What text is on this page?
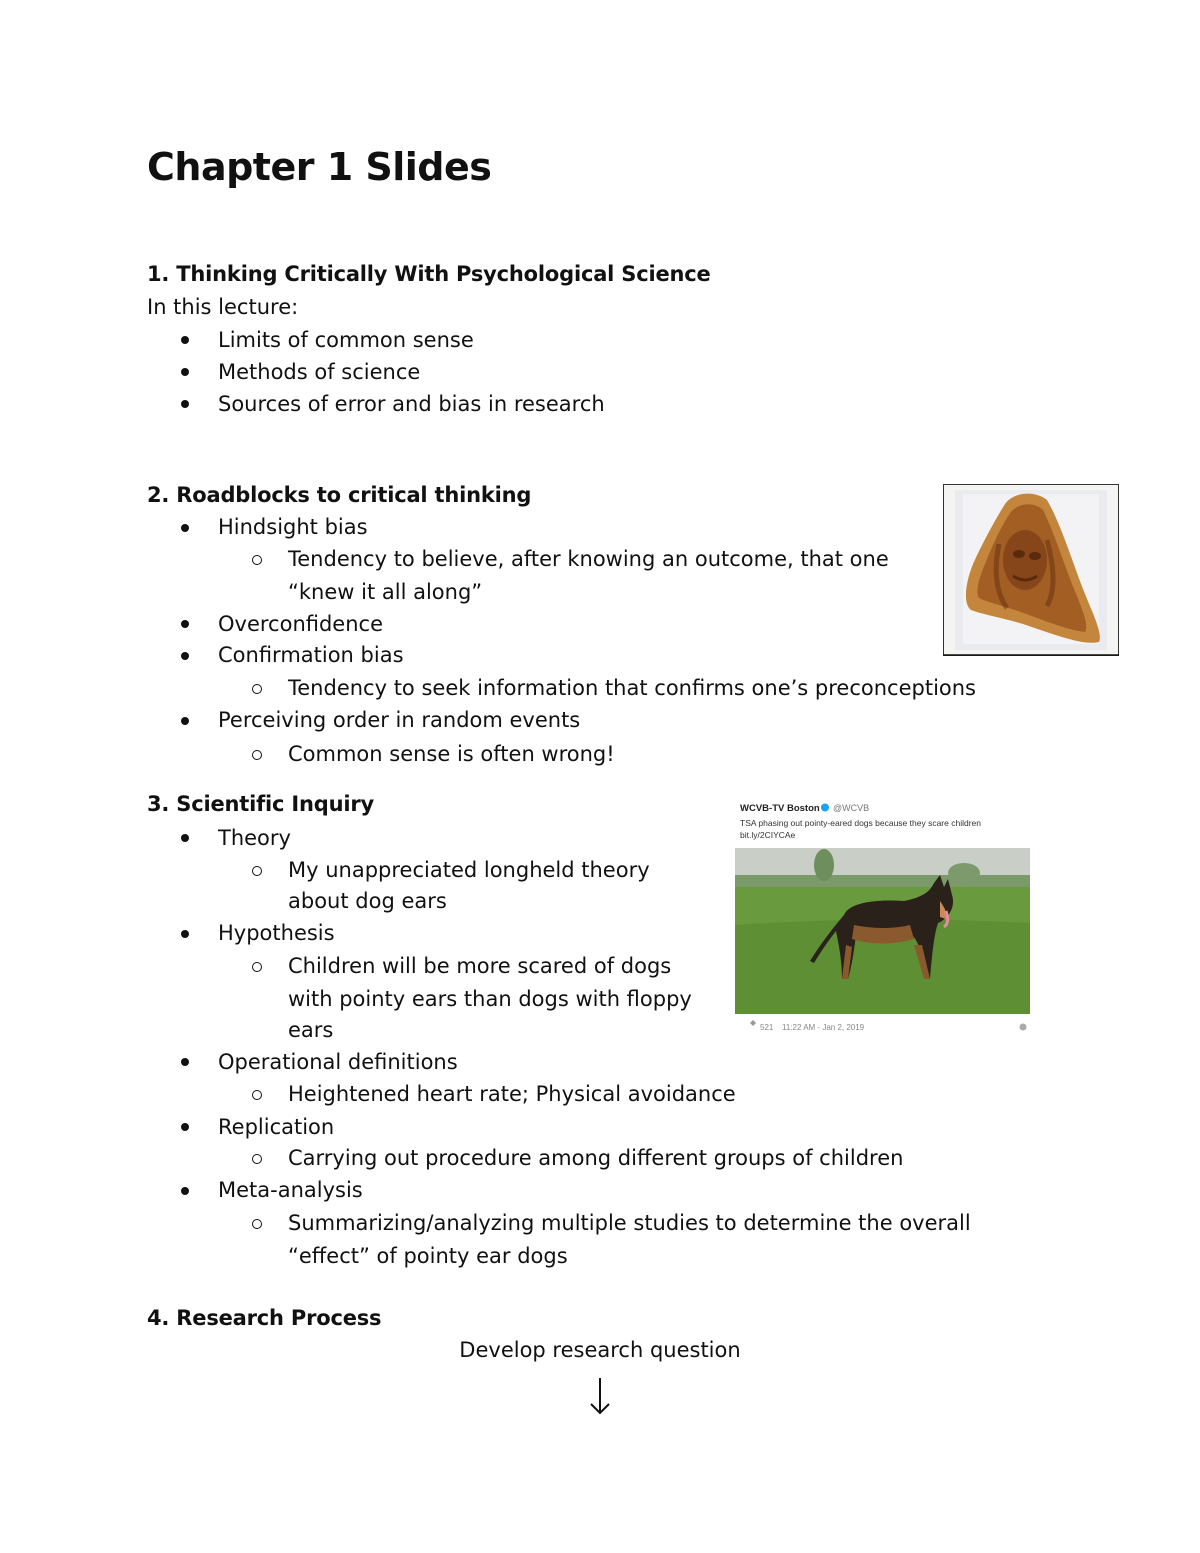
Chapter 1 Slides

1. Thinking Critically With Psychological Science

In this lecture:

Limits of common sense

Methods of science

Sources of error and bias in research

2. Roadblocks to critical thinking

Hindsight bias

Tendency to believe, after knowing an outcome, that one

“knew it all along”

Overconfidence

Confirmation bias

Tendency to seek information that confirms one’s preconceptions

Perceiving order in random events

Common sense is often wrong!

3. Scientific Inquiry

Theory

My unappreciated longheld theory

about dog ears

Hypothesis

Children will be more scared of dogs

with pointy ears than dogs with floppy

ears

Operational definitions

Heightened heart rate; Physical avoidance

Replication

Carrying out procedure among different groups of children

Meta-analysis

Summarizing/analyzing multiple studies to determine the overall

“effect” of pointy ear dogs

WCVB-TV Boston @WCVB
TSA phasing out pointy-eared dogs because they scare children
bit.ly/2CIYCAe
521 11:22 AM - Jan 2, 2019

4. Research Process

Develop research question
